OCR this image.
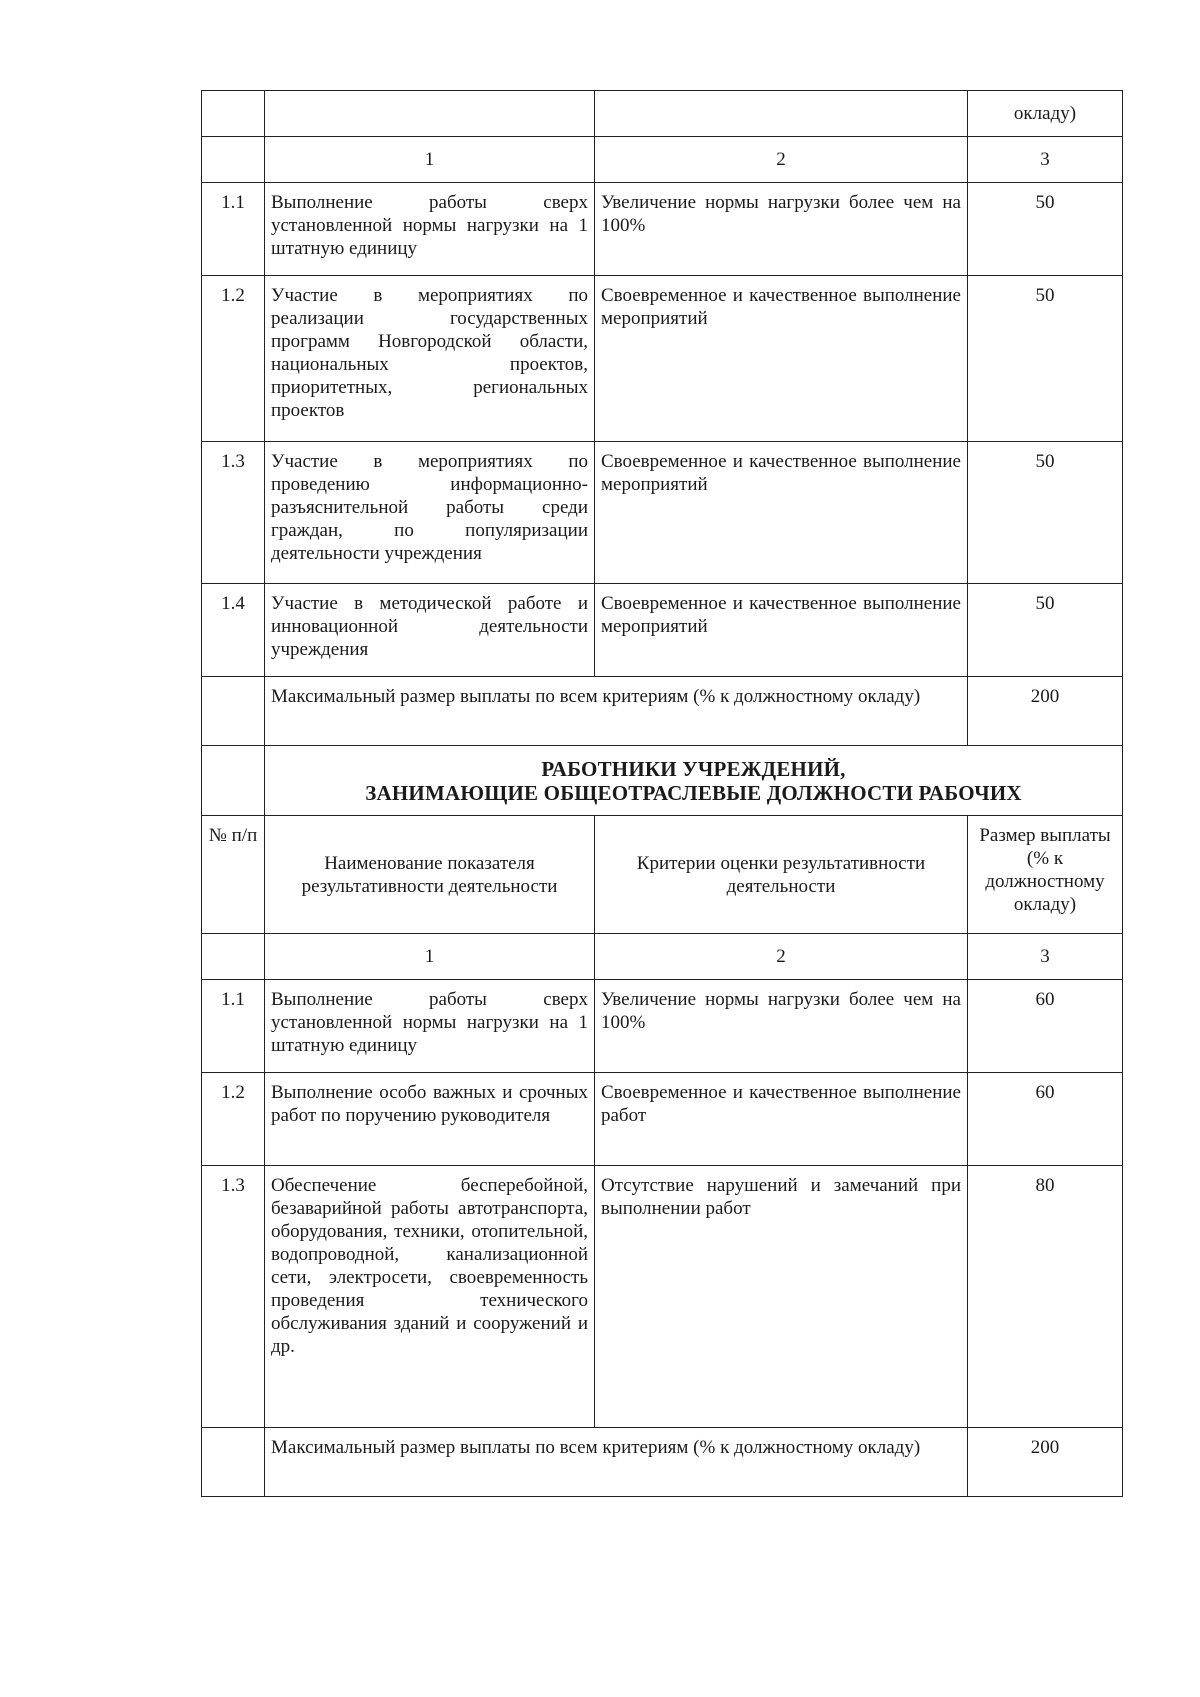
			окладу)
	1	2	3
1.1	Выполнение работы сверх установленной нормы нагрузки на 1 штатную единицу	Увеличение нормы нагрузки более чем на 100%	50
1.2	Участие в мероприятиях по реализации государственных программ Новгородской области, национальных проектов, приоритетных, региональных проектов	Своевременное и качественное выполнение мероприятий	50
1.3	Участие в мероприятиях по проведению информационно-разъяснительной работы среди граждан, по популяризации деятельности учреждения	Своевременное и качественное выполнение мероприятий	50
1.4	Участие в методической работе и инновационной деятельности учреждения	Своевременное и качественное выполнение мероприятий	50
	Максимальный размер выплаты по всем критериям (% к должностному окладу)		200

	РАБОТНИКИ УЧРЕЖДЕНИЙ,
ЗАНИМАЮЩИЕ ОБЩЕОТРАСЛЕВЫЕ ДОЛЖНОСТИ РАБОЧИХ		

№ п/п	Наименование показателя результативности деятельности	Критерии оценки результативности деятельности	Размер выплаты (% к должностному окладу)
	1	2	3
1.1	Выполнение работы сверх установленной нормы нагрузки на 1 штатную единицу	Увеличение нормы нагрузки более чем на 100%	60
1.2	Выполнение особо важных и срочных работ по поручению руководителя	Своевременное и качественное выполнение работ	60
1.3	Обеспечение бесперебойной, безаварийной работы автотранспорта, оборудования, техники, отопительной, водопроводной, канализационной сети, электросети, своевременность проведения технического обслуживания зданий и сооружений и др.	Отсутствие нарушений и замечаний при выполнении работ	80
	Максимальный размер выплаты по всем критериям (% к должностному окладу)		200
